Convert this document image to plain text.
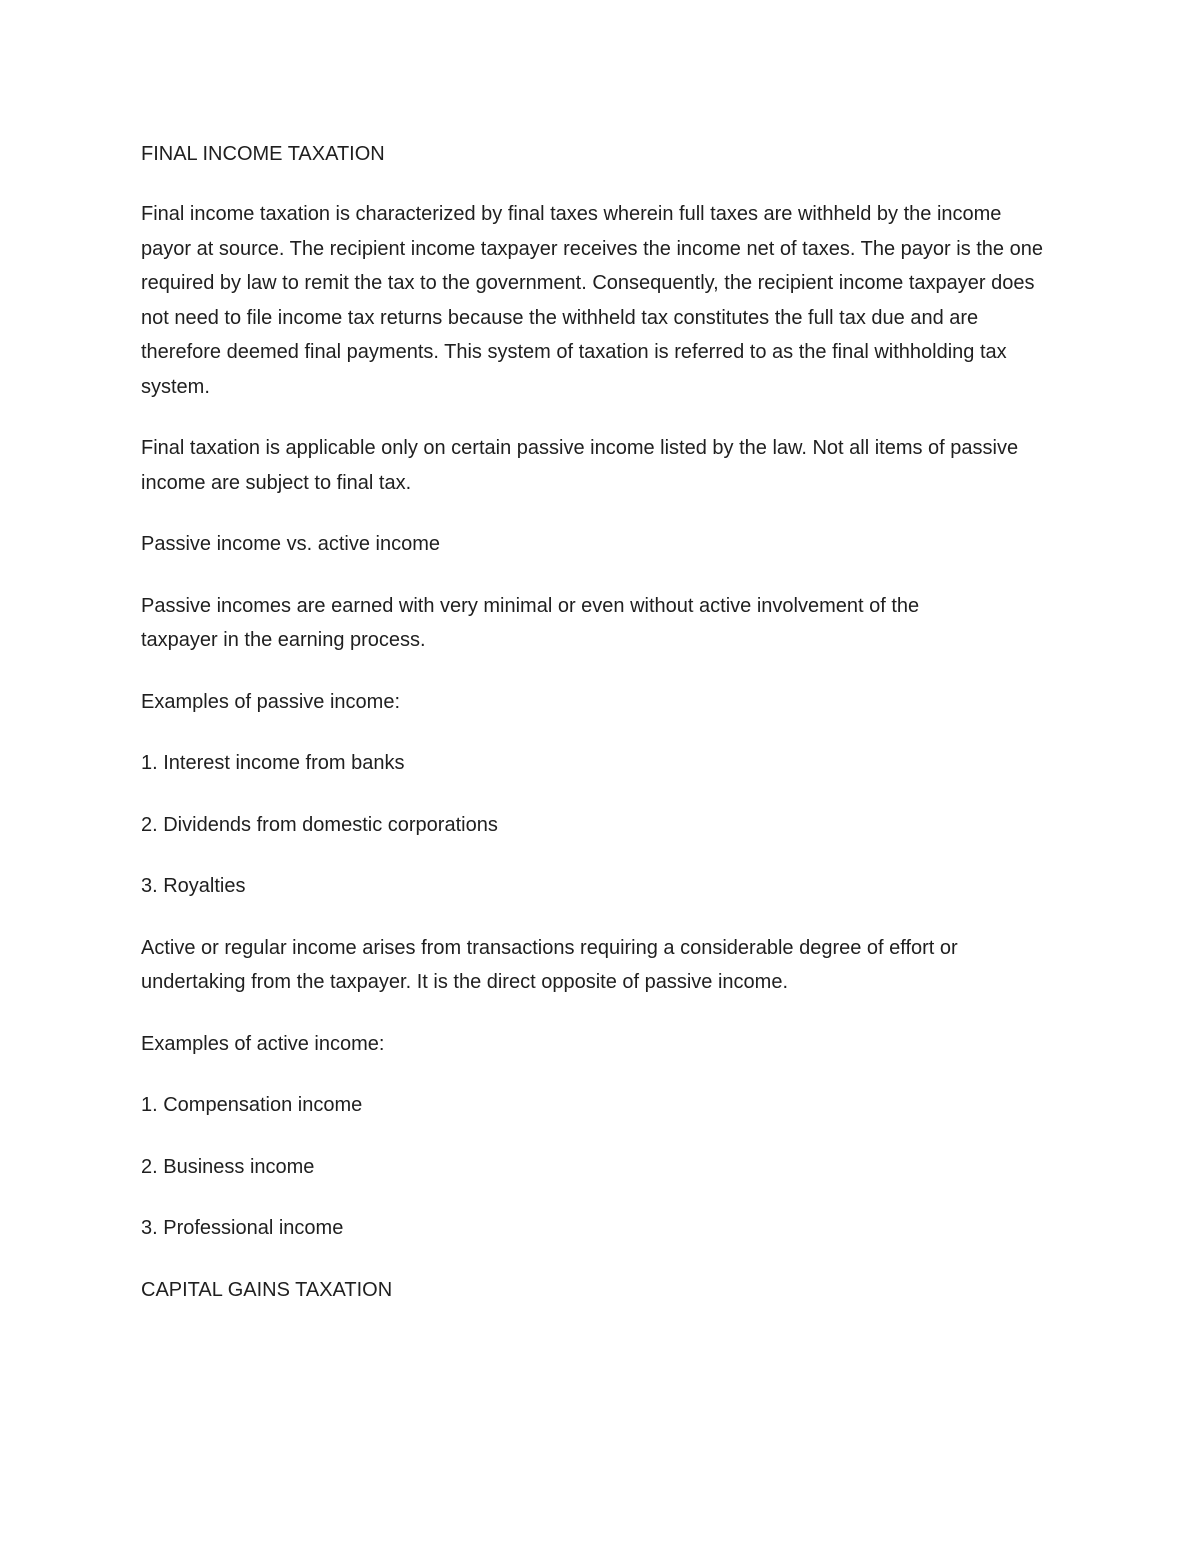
FINAL INCOME TAXATION

Final income taxation is characterized by final taxes wherein full taxes are withheld by the income payor at source. The recipient income taxpayer receives the income net of taxes. The payor is the one required by law to remit the tax to the government. Consequently, the recipient income taxpayer does not need to file income tax returns because the withheld tax constitutes the full tax due and are therefore deemed final payments. This system of taxation is referred to as the final withholding tax system.

Final taxation is applicable only on certain passive income listed by the law. Not all items of passive income are subject to final tax.

Passive income vs. active income

Passive incomes are earned with very minimal or even without active involvement of the taxpayer in the earning process.

Examples of passive income:

1. Interest income from banks

2. Dividends from domestic corporations

3. Royalties

Active or regular income arises from transactions requiring a considerable degree of effort or undertaking from the taxpayer. It is the direct opposite of passive income.

Examples of active income:

1. Compensation income

2. Business income

3. Professional income

CAPITAL GAINS TAXATION
